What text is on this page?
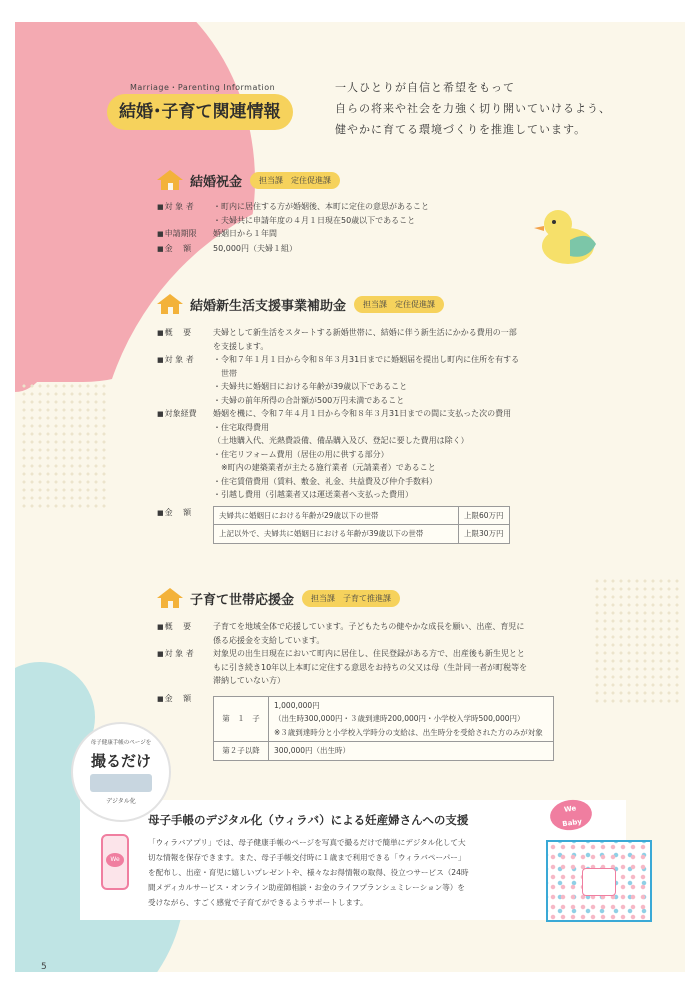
Marriage・Parenting Information
結婚･子育て関連情報
一人ひとりが自信と希望をもって
自らの将来や社会を力強く切り開いていけるよう、
健やかに育てる環境づくりを推進しています。
結婚祝金	担当課　定住促進課
■ 対 象 者	・町内に居住する方が婚姻後、本町に定住の意思があること
・夫婦共に申請年度の４月１日現在50歳以下であること
■ 申請期限	婚姻日から１年間
■ 金　 額	50,000円（夫婦１組）
結婚新生活支援事業補助金	担当課　定住促進課
■ 概　 要	夫婦として新生活をスタートする新婚世帯に、結婚に伴う新生活にかかる費用の一部
を支援します。
■ 対 象 者	・令和７年１月１日から令和８年３月31日までに婚姻届を提出し町内に住所を有する
　世帯
・夫婦共に婚姻日における年齢が39歳以下であること
・夫婦の前年所得の合計額が500万円未満であること
■ 対象経費	婚姻を機に、令和７年４月１日から令和８年３月31日までの間に支払った次の費用
・住宅取得費用
（土地購入代、光熱費設備、備品購入及び、登記に要した費用は除く）
・住宅リフォーム費用（居住の用に供する部分）
　※町内の建築業者が主たる施行業者（元請業者）であること
・住宅賃借費用（賃料、敷金、礼金、共益費及び仲介手数料）
・引越し費用（引越業者又は運送業者へ支払った費用）
■ 金　 額	夫婦共に婚姻日における年齢が29歳以下の世帯	上限60万円
上記以外で、夫婦共に婚姻日における年齢が39歳以下の世帯	上限30万円
子育て世帯応援金	担当課　子育て推進課
■ 概　 要	子育てを地域全体で応援しています。子どもたちの健やかな成長を願い、出産、育児に
係る応援金を支給しています。
■ 対 象 者	対象児の出生日現在において町内に居住し、住民登録がある方で、出産後も新生児とと
もに引き続き10年以上本町に定住する意思をお持ちの父又は母（生計同一者が町税等を
滞納していない方）
■ 金　 額
第　１　子	1,000,000円
（出生時300,000円・３歳到達時200,000円・小学校入学時500,000円）
※３歳到達時分と小学校入学時分の支給は、出生時分を受給された方のみが対象

第２子以降	300,000円（出生時）
母子手帳のデジタル化（ウィラバ）による妊産婦さんへの支援
「ウィラバアプリ」では、母子健康手帳のページを写真で撮るだけで簡単にデジタル化して大
切な情報を保存できます。また、母子手帳交付時に１歳まで利用できる「ウィラバペーパー」
を配布し、出産・育児に嬉しいプレゼントや、様々なお得情報の取得、役立つサービス（24時
間メディカルサービス・オンライン助産師相談・お金のライフプランシュミレーション等）を
受けながら、すごく感覚で子育てができるようサポートします。
We
母子健康手帳のページを
撮るだけ
デジタル化
We
Baby
5
